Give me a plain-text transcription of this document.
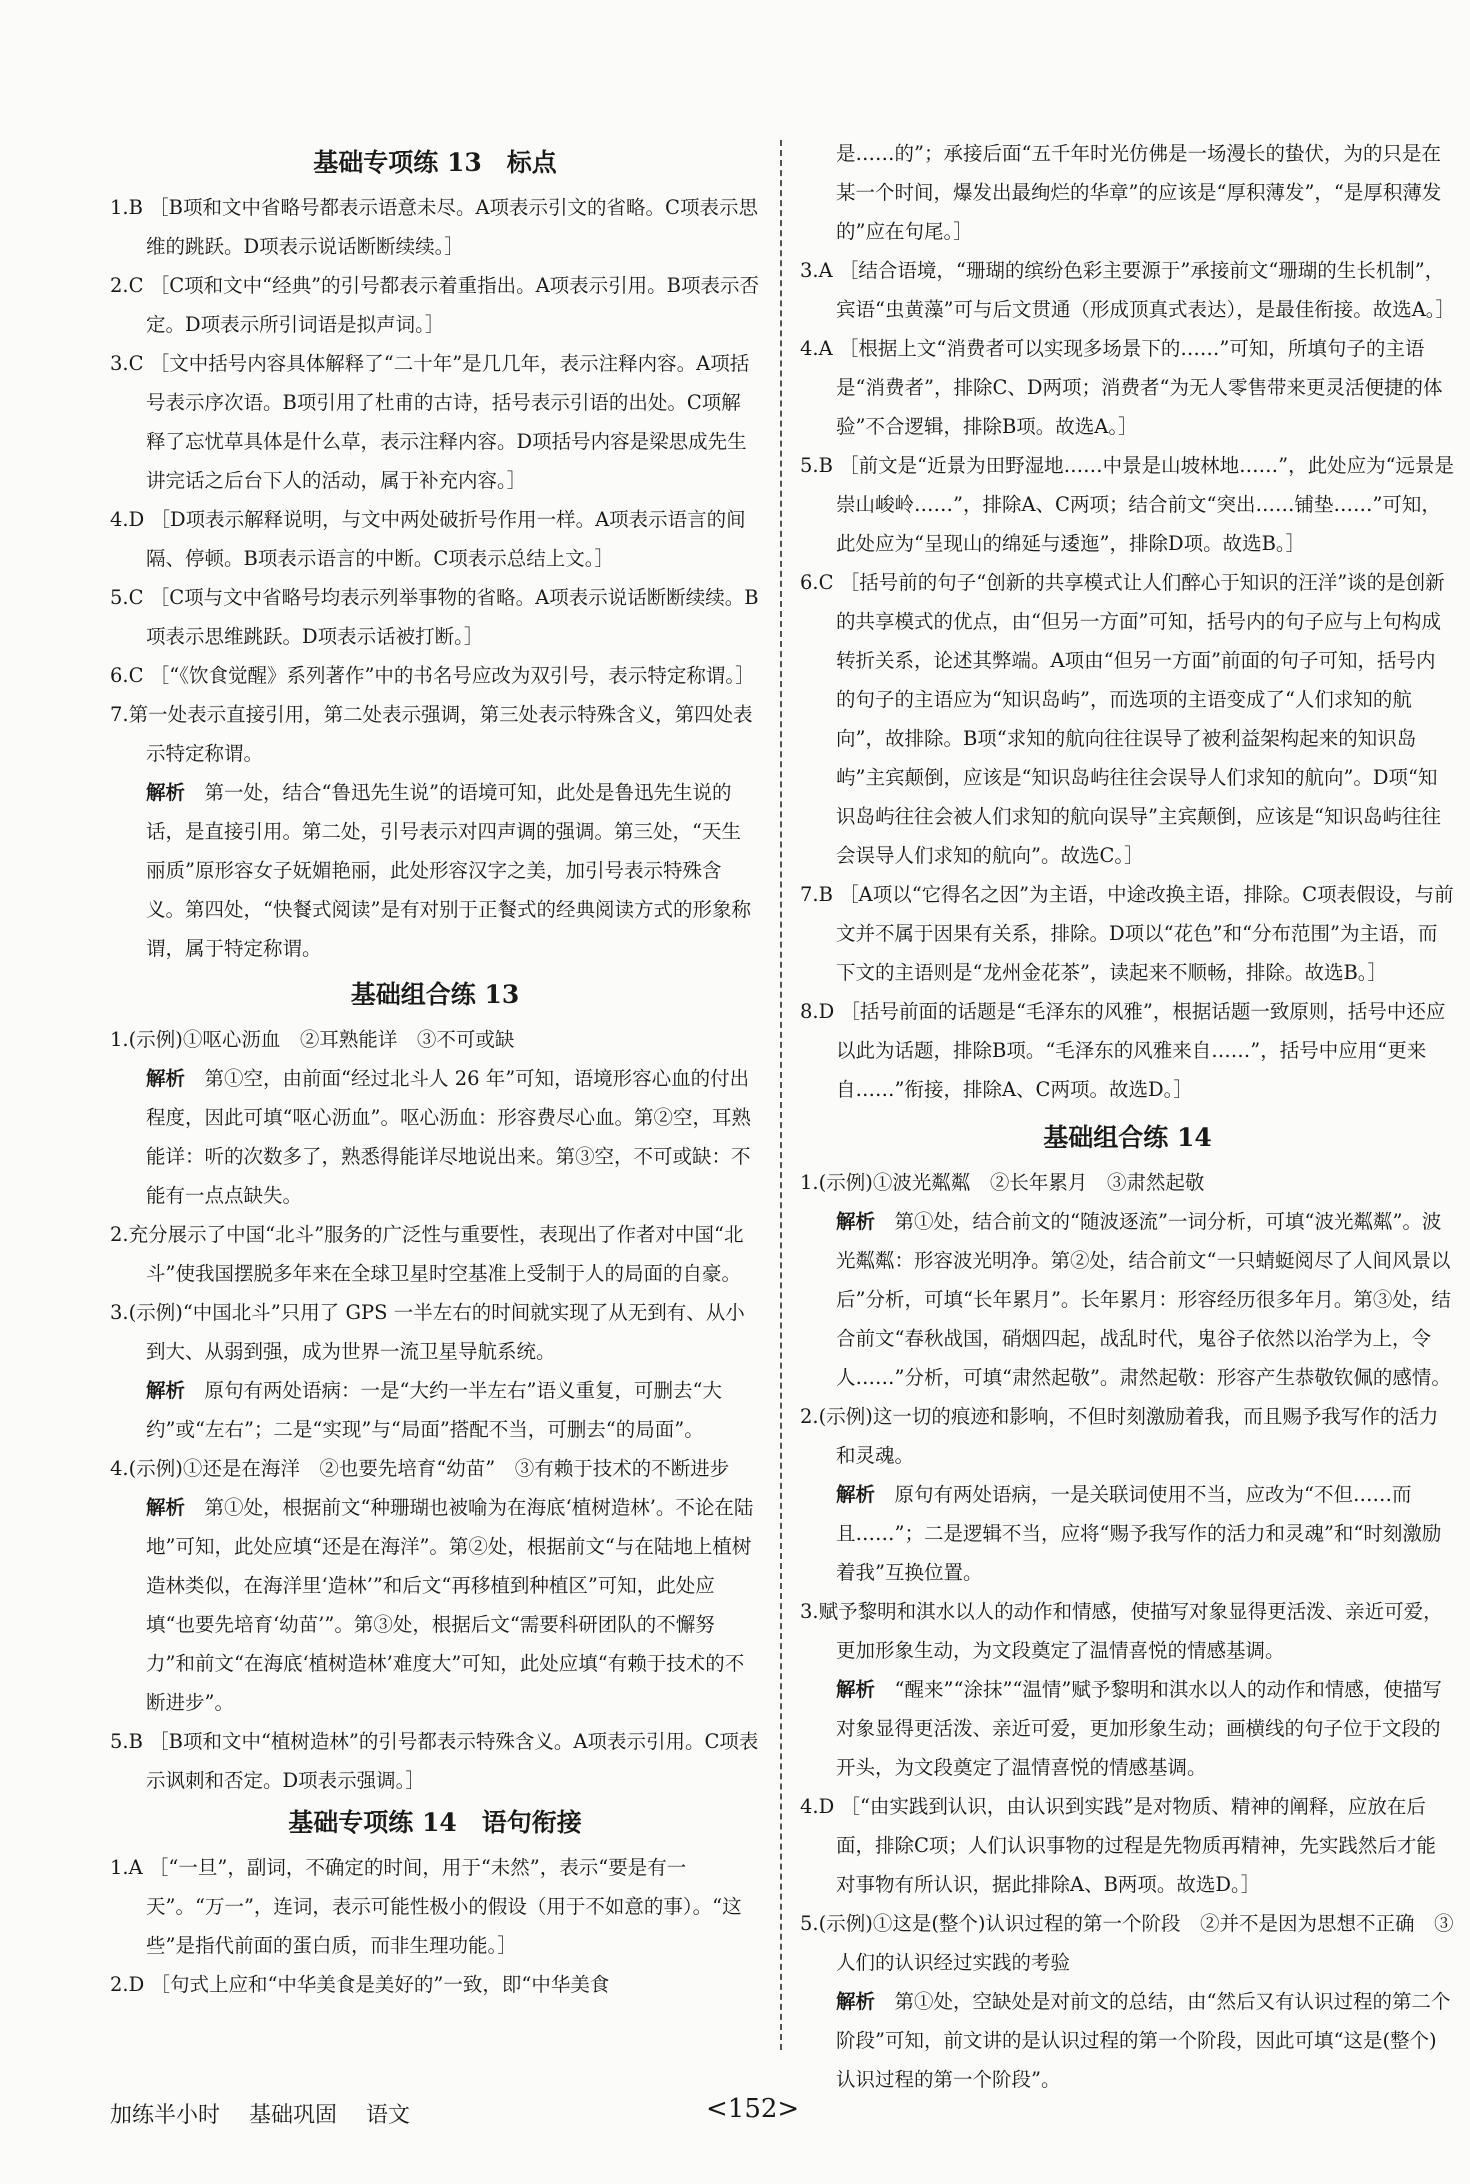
基础专项练 13　标点
1.B ［B项和文中省略号都表示语意未尽。A项表示引文的省略。C项表示思维的跳跃。D项表示说话断断续续。］
2.C ［C项和文中“经典”的引号都表示着重指出。A项表示引用。B项表示否定。D项表示所引词语是拟声词。］
3.C ［文中括号内容具体解释了“二十年”是几几年，表示注释内容。A项括号表示序次语。B项引用了杜甫的古诗，括号表示引语的出处。C项解释了忘忧草具体是什么草，表示注释内容。D项括号内容是梁思成先生讲完话之后台下人的活动，属于补充内容。］
4.D ［D项表示解释说明，与文中两处破折号作用一样。A项表示语言的间隔、停顿。B项表示语言的中断。C项表示总结上文。］
5.C ［C项与文中省略号均表示列举事物的省略。A项表示说话断断续续。B项表示思维跳跃。D项表示话被打断。］
6.C ［“《饮食觉醒》系列著作”中的书名号应改为双引号，表示特定称谓。］
7.第一处表示直接引用，第二处表示强调，第三处表示特殊含义，第四处表示特定称谓。
解析　 第一处，结合“鲁迅先生说”的语境可知，此处是鲁迅先生说的话，是直接引用。第二处，引号表示对四声调的强调。第三处，“天生丽质”原形容女子妩媚艳丽，此处形容汉字之美，加引号表示特殊含义。第四处，“快餐式阅读”是有对别于正餐式的经典阅读方式的形象称谓，属于特定称谓。
基础组合练 13
1.(示例)①呕心沥血　②耳熟能详　③不可或缺
解析　 第①空，由前面“经过北斗人 26 年”可知，语境形容心血的付出程度，因此可填“呕心沥血”。呕心沥血：形容费尽心血。第②空，耳熟能详：听的次数多了，熟悉得能详尽地说出来。第③空，不可或缺：不能有一点点缺失。
2.充分展示了中国“北斗”服务的广泛性与重要性，表现出了作者对中国“北斗”使我国摆脱多年来在全球卫星时空基准上受制于人的局面的自豪。
3.(示例)“中国北斗”只用了 GPS 一半左右的时间就实现了从无到有、从小到大、从弱到强，成为世界一流卫星导航系统。
解析　 原句有两处语病：一是“大约一半左右”语义重复，可删去“大约”或“左右”；二是“实现”与“局面”搭配不当，可删去“的局面”。
4.(示例)①还是在海洋　②也要先培育“幼苗”　③有赖于技术的不断进步
解析　 第①处，根据前文“种珊瑚也被喻为在海底‘植树造林’。不论在陆地”可知，此处应填“还是在海洋”。第②处，根据前文“与在陆地上植树造林类似，在海洋里‘造林’”和后文“再移植到种植区”可知，此处应填“也要先培育‘幼苗’”。第③处，根据后文“需要科研团队的不懈努力”和前文“在海底‘植树造林’难度大”可知，此处应填“有赖于技术的不断进步”。
5.B ［B项和文中“植树造林”的引号都表示特殊含义。A项表示引用。C项表示讽刺和否定。D项表示强调。］
基础专项练 14　语句衔接
1.A ［“一旦”，副词，不确定的时间，用于“未然”，表示“要是有一天”。“万一”，连词，表示可能性极小的假设（用于不如意的事）。“这些”是指代前面的蛋白质，而非生理功能。］
2.D ［句式上应和“中华美食是美好的”一致，即“中华美食
是……的”；承接后面“五千年时光仿佛是一场漫长的蛰伏，为的只是在某一个时间，爆发出最绚烂的华章”的应该是“厚积薄发”，“是厚积薄发的”应在句尾。］
3.A ［结合语境，“珊瑚的缤纷色彩主要源于”承接前文“珊瑚的生长机制”，宾语“虫黄藻”可与后文贯通（形成顶真式表达），是最佳衔接。故选A。］
4.A ［根据上文“消费者可以实现多场景下的……”可知，所填句子的主语是“消费者”，排除C、D两项；消费者“为无人零售带来更灵活便捷的体验”不合逻辑，排除B项。故选A。］
5.B ［前文是“近景为田野湿地……中景是山坡林地……”，此处应为“远景是崇山峻岭……”，排除A、C两项；结合前文“突出……铺垫……”可知，此处应为“呈现山的绵延与逶迤”，排除D项。故选B。］
6.C ［括号前的句子“创新的共享模式让人们醉心于知识的汪洋”谈的是创新的共享模式的优点，由“但另一方面”可知，括号内的句子应与上句构成转折关系，论述其弊端。A项由“但另一方面”前面的句子可知，括号内的句子的主语应为“知识岛屿”，而选项的主语变成了“人们求知的航向”，故排除。B项“求知的航向往往误导了被利益架构起来的知识岛屿”主宾颠倒，应该是“知识岛屿往往会误导人们求知的航向”。D项“知识岛屿往往会被人们求知的航向误导”主宾颠倒，应该是“知识岛屿往往会误导人们求知的航向”。故选C。］
7.B ［A项以“它得名之因”为主语，中途改换主语，排除。C项表假设，与前文并不属于因果有关系，排除。D项以“花色”和“分布范围”为主语，而下文的主语则是“龙州金花茶”，读起来不顺畅，排除。故选B。］
8.D ［括号前面的话题是“毛泽东的风雅”，根据话题一致原则，括号中还应以此为话题，排除B项。“毛泽东的风雅来自……”，括号中应用“更来自……”衔接，排除A、C两项。故选D。］
基础组合练 14
1.(示例)①波光粼粼　②长年累月　③肃然起敬
解析　 第①处，结合前文的“随波逐流”一词分析，可填“波光粼粼”。波光粼粼：形容波光明净。第②处，结合前文“一只蜻蜓阅尽了人间风景以后”分析，可填“长年累月”。长年累月：形容经历很多年月。第③处，结合前文“春秋战国，硝烟四起，战乱时代，鬼谷子依然以治学为上，令人……”分析，可填“肃然起敬”。肃然起敬：形容产生恭敬钦佩的感情。
2.(示例)这一切的痕迹和影响，不但时刻激励着我，而且赐予我写作的活力和灵魂。
解析　 原句有两处语病，一是关联词使用不当，应改为“不但……而且……”；二是逻辑不当，应将“赐予我写作的活力和灵魂”和“时刻激励着我”互换位置。
3.赋予黎明和淇水以人的动作和情感，使描写对象显得更活泼、亲近可爱，更加形象生动，为文段奠定了温情喜悦的情感基调。
解析　 “醒来”“涂抹”“温情”赋予黎明和淇水以人的动作和情感，使描写对象显得更活泼、亲近可爱，更加形象生动；画横线的句子位于文段的开头，为文段奠定了温情喜悦的情感基调。
4.D ［“由实践到认识，由认识到实践”是对物质、精神的阐释，应放在后面，排除C项；人们认识事物的过程是先物质再精神，先实践然后才能对事物有所认识，据此排除A、B两项。故选D。］
5.(示例)①这是(整个)认识过程的第一个阶段　②并不是因为思想不正确　③人们的认识经过实践的考验
解析　 第①处，空缺处是对前文的总结，由“然后又有认识过程的第二个阶段”可知，前文讲的是认识过程的第一个阶段，因此可填“这是(整个)认识过程的第一个阶段”。
加练半小时 基础巩固 语文	<152>
